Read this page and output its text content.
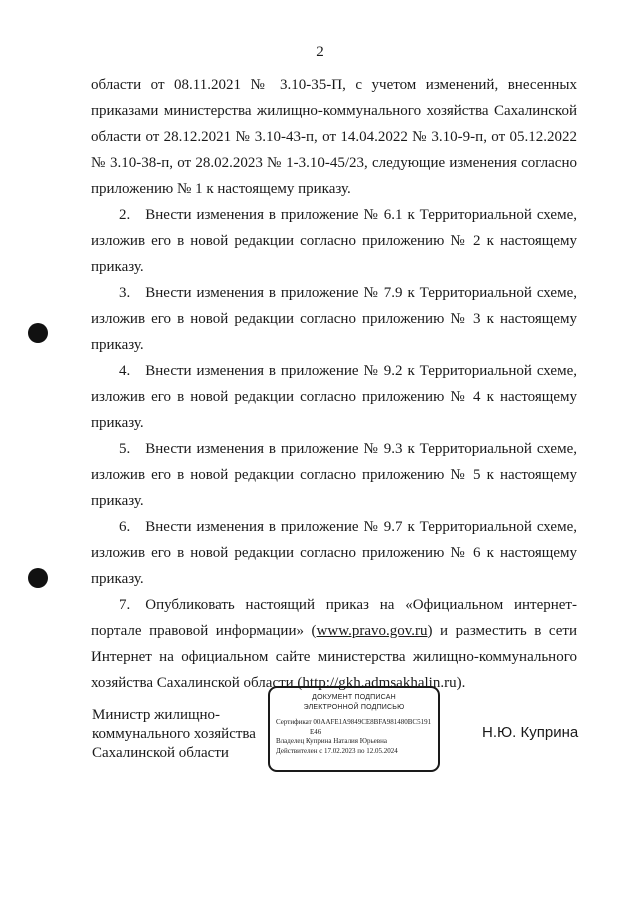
2

области от 08.11.2021 № 3.10-35-П, с учетом изменений, внесенных приказами министерства жилищно-коммунального хозяйства Сахалинской области от 28.12.2021 № 3.10-43-п, от 14.04.2022 № 3.10-9-п, от 05.12.2022 № 3.10-38-п, от 28.02.2023 № 1-3.10-45/23, следующие изменения согласно приложению № 1 к настоящему приказу.

2. Внести изменения в приложение № 6.1 к Территориальной схеме, изложив его в новой редакции согласно приложению № 2 к настоящему приказу.

3. Внести изменения в приложение № 7.9 к Территориальной схеме, изложив его в новой редакции согласно приложению № 3 к настоящему приказу.

4. Внести изменения в приложение № 9.2 к Территориальной схеме, изложив его в новой редакции согласно приложению № 4 к настоящему приказу.

5. Внести изменения в приложение № 9.3 к Территориальной схеме, изложив его в новой редакции согласно приложению № 5 к настоящему приказу.

6. Внести изменения в приложение № 9.7 к Территориальной схеме, изложив его в новой редакции согласно приложению № 6 к настоящему приказу.

7. Опубликовать настоящий приказ на «Официальном интернет-портале правовой информации» (www.pravo.gov.ru) и разместить в сети Интернет на официальном сайте министерства жилищно-коммунального хозяйства Сахалинской области (http://gkh.admsakhalin.ru).

Министр жилищно-
коммунального хозяйства
Сахалинской области
ДОКУМЕНТ ПОДПИСАН
ЭЛЕКТРОННОЙ ПОДПИСЬЮ
Сертификат 00AAFE1A9849CE8BFA981480BC5191
E46
Владелец Куприна Наталия Юрьевна
Действителен с 17.02.2023 по 12.05.2024
Н.Ю. Куприна
